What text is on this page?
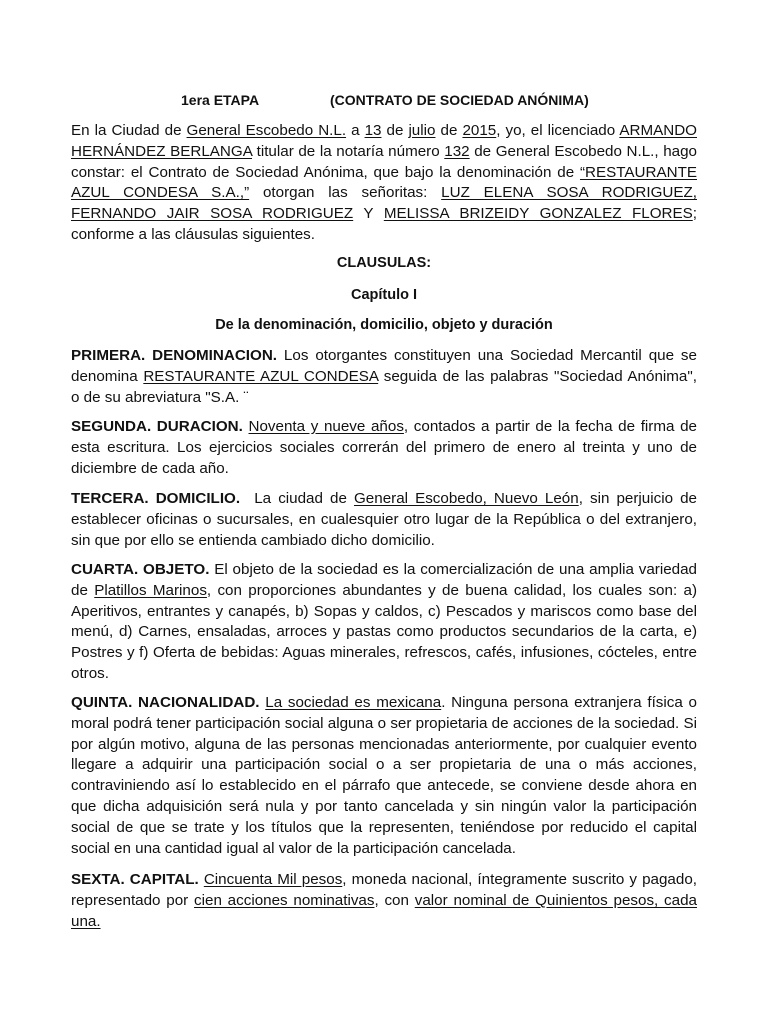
1era ETAPA	(CONTRATO DE SOCIEDAD ANÓNIMA)

En la Ciudad de General Escobedo N.L. a 13 de julio de 2015, yo, el licenciado ARMANDO HERNÁNDEZ BERLANGA titular de la notaría número 132 de General Escobedo N.L., hago constar: el Contrato de Sociedad Anónima, que bajo la denominación de “RESTAURANTE AZUL CONDESA S.A.,” otorgan las señoritas: LUZ ELENA SOSA RODRIGUEZ, FERNANDO JAIR SOSA RODRIGUEZ Y MELISSA BRIZEIDY GONZALEZ FLORES; conforme a las cláusulas siguientes.

CLAUSULAS:

Capítulo I

De la denominación, domicilio, objeto y duración

PRIMERA. DENOMINACION. Los otorgantes constituyen una Sociedad Mercantil que se denomina RESTAURANTE AZUL CONDESA seguida de las palabras "Sociedad Anónima", o de su abreviatura "S.A. ¨

SEGUNDA. DURACION. Noventa y nueve años, contados a partir de la fecha de firma de esta escritura. Los ejercicios sociales correrán del primero de enero al treinta y uno de diciembre de cada año.

TERCERA. DOMICILIO.  La ciudad de General Escobedo, Nuevo León, sin perjuicio de establecer oficinas o sucursales, en cualesquier otro lugar de la República o del extranjero, sin que por ello se entienda cambiado dicho domicilio.

CUARTA. OBJETO. El objeto de la sociedad es la comercialización de una amplia variedad de Platillos Marinos, con proporciones abundantes y de buena calidad, los cuales son: a) Aperitivos, entrantes y canapés, b) Sopas y caldos, c) Pescados y mariscos como base del menú, d) Carnes, ensaladas, arroces y pastas como productos secundarios de la carta, e) Postres y f) Oferta de bebidas: Aguas minerales, refrescos, cafés, infusiones, cócteles, entre otros.

QUINTA. NACIONALIDAD. La sociedad es mexicana. Ninguna persona extranjera física o moral podrá tener participación social alguna o ser propietaria de acciones de la sociedad. Si por algún motivo, alguna de las personas mencionadas anteriormente, por cualquier evento llegare a adquirir una participación social o a ser propietaria de una o más acciones, contraviniendo así lo establecido en el párrafo que antecede, se conviene desde ahora en que dicha adquisición será nula y por tanto cancelada y sin ningún valor la participación social de que se trate y los títulos que la representen, teniéndose por reducido el capital social en una cantidad igual al valor de la participación cancelada.

SEXTA. CAPITAL. Cincuenta Mil pesos, moneda nacional, íntegramente suscrito y pagado, representado por cien acciones nominativas, con valor nominal de Quinientos pesos, cada una.
